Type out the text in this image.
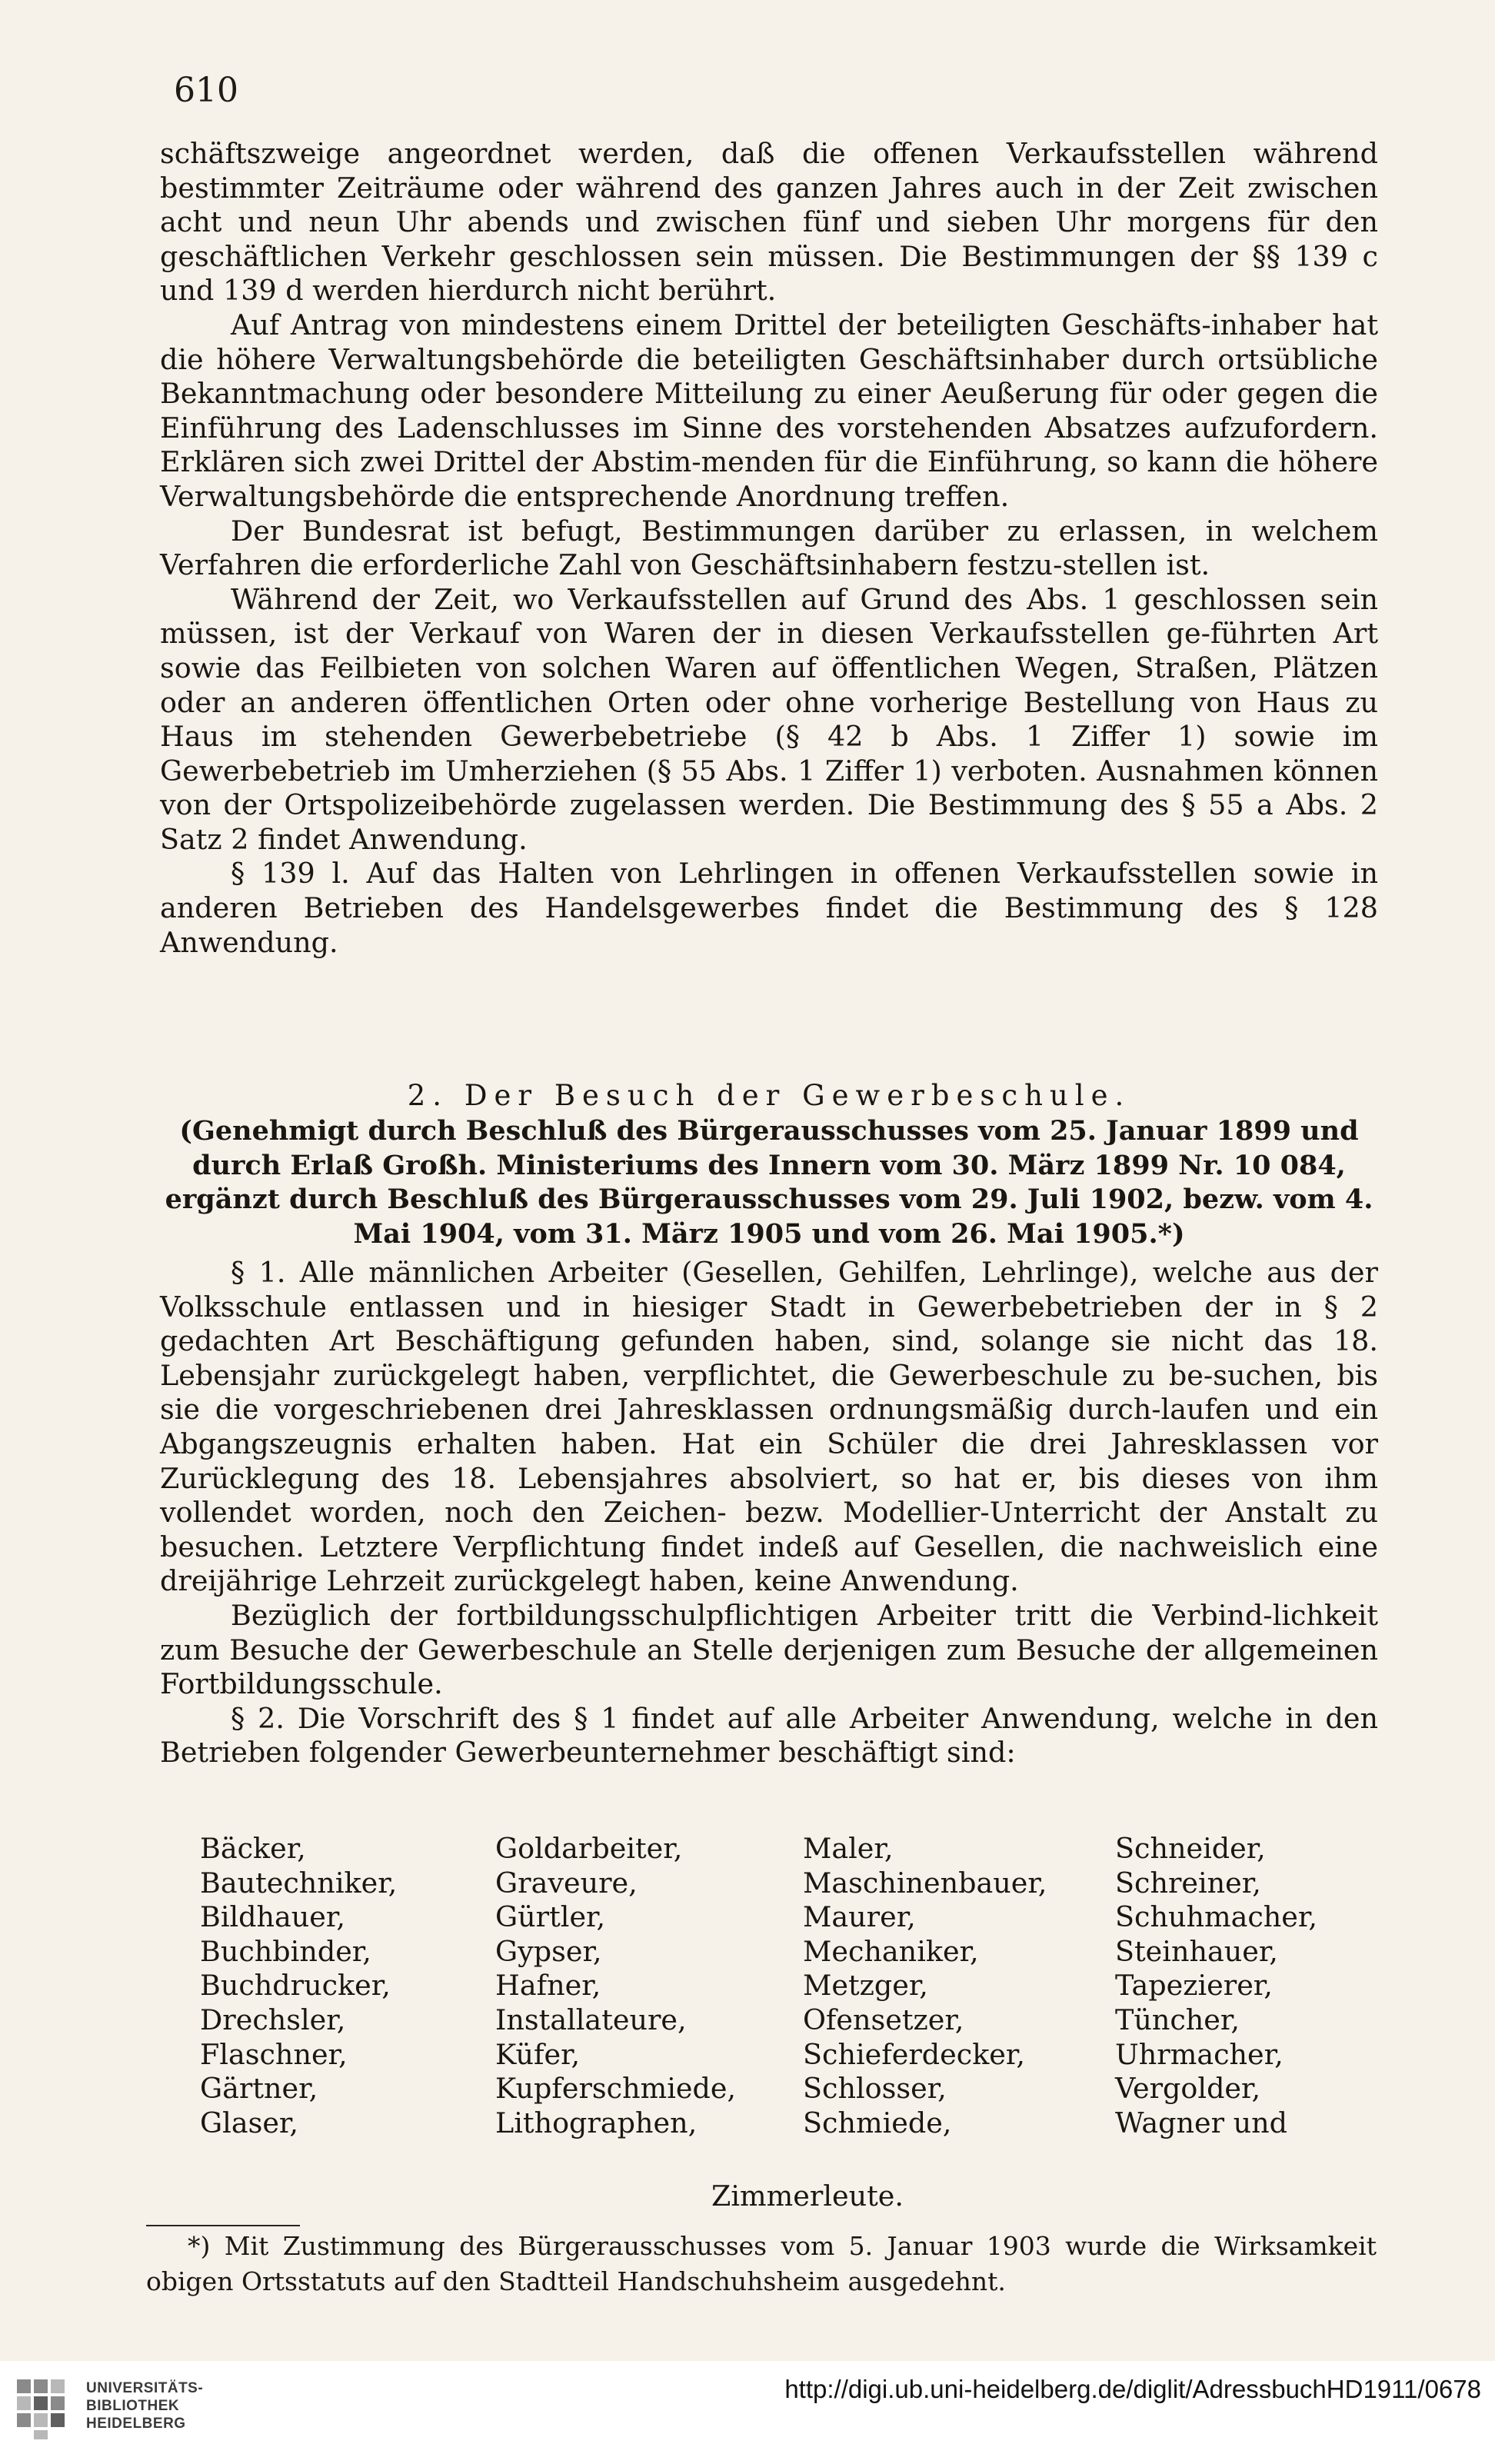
610

schäftszweige angeordnet werden, daß die offenen Verkaufsstellen während bestimmter Zeiträume oder während des ganzen Jahres auch in der Zeit zwischen acht und neun Uhr abends und zwischen fünf und sieben Uhr morgens für den geschäftlichen Verkehr geschlossen sein müssen. Die Bestimmungen der §§ 139 c und 139 d werden hierdurch nicht berührt.

Auf Antrag von mindestens einem Drittel der beteiligten Geschäfts-inhaber hat die höhere Verwaltungsbehörde die beteiligten Geschäftsinhaber durch ortsübliche Bekanntmachung oder besondere Mitteilung zu einer Aeußerung für oder gegen die Einführung des Ladenschlusses im Sinne des vorstehenden Absatzes aufzufordern. Erklären sich zwei Drittel der Abstim-menden für die Einführung, so kann die höhere Verwaltungsbehörde die entsprechende Anordnung treffen.

Der Bundesrat ist befugt, Bestimmungen darüber zu erlassen, in welchem Verfahren die erforderliche Zahl von Geschäftsinhabern festzu-stellen ist.

Während der Zeit, wo Verkaufsstellen auf Grund des Abs. 1 geschlossen sein müssen, ist der Verkauf von Waren der in diesen Verkaufsstellen ge-führten Art sowie das Feilbieten von solchen Waren auf öffentlichen Wegen, Straßen, Plätzen oder an anderen öffentlichen Orten oder ohne vorherige Bestellung von Haus zu Haus im stehenden Gewerbebetriebe (§ 42 b Abs. 1 Ziffer 1) sowie im Gewerbebetrieb im Umherziehen (§ 55 Abs. 1 Ziffer 1) verboten. Ausnahmen können von der Ortspolizeibehörde zugelassen werden. Die Bestimmung des § 55 a Abs. 2 Satz 2 findet Anwendung.

§ 139 l. Auf das Halten von Lehrlingen in offenen Verkaufsstellen sowie in anderen Betrieben des Handelsgewerbes findet die Bestimmung des § 128 Anwendung.

2. Der Besuch der Gewerbeschule.
(Genehmigt durch Beschluß des Bürgerausschusses vom 25. Januar 1899 und durch Erlaß Großh. Ministeriums des Innern vom 30. März 1899 Nr. 10 084, ergänzt durch Beschluß des Bürgerausschusses vom 29. Juli 1902, bezw. vom 4. Mai 1904, vom 31. März 1905 und vom 26. Mai 1905.*)

§ 1. Alle männlichen Arbeiter (Gesellen, Gehilfen, Lehrlinge), welche aus der Volksschule entlassen und in hiesiger Stadt in Gewerbebetrieben der in § 2 gedachten Art Beschäftigung gefunden haben, sind, solange sie nicht das 18. Lebensjahr zurückgelegt haben, verpflichtet, die Gewerbeschule zu be-suchen, bis sie die vorgeschriebenen drei Jahresklassen ordnungsmäßig durch-laufen und ein Abgangszeugnis erhalten haben. Hat ein Schüler die drei Jahresklassen vor Zurücklegung des 18. Lebensjahres absolviert, so hat er, bis dieses von ihm vollendet worden, noch den Zeichen- bezw. Modellier-Unterricht der Anstalt zu besuchen. Letztere Verpflichtung findet indeß auf Gesellen, die nachweislich eine dreijährige Lehrzeit zurückgelegt haben, keine Anwendung.

Bezüglich der fortbildungsschulpflichtigen Arbeiter tritt die Verbind-lichkeit zum Besuche der Gewerbeschule an Stelle derjenigen zum Besuche der allgemeinen Fortbildungsschule.

§ 2. Die Vorschrift des § 1 findet auf alle Arbeiter Anwendung, welche in den Betrieben folgender Gewerbeunternehmer beschäftigt sind:

Bäcker,	Goldarbeiter,	Maler,	Schneider,
Bautechniker,	Graveure,	Maschinenbauer,	Schreiner,
Bildhauer,	Gürtler,	Maurer,	Schuhmacher,
Buchbinder,	Gypser,	Mechaniker,	Steinhauer,
Buchdrucker,	Hafner,	Metzger,	Tapezierer,
Drechsler,	Installateure,	Ofensetzer,	Tüncher,
Flaschner,	Küfer,	Schieferdecker,	Uhrmacher,
Gärtner,	Kupferschmiede,	Schlosser,	Vergolder,
Glaser,	Lithographen,	Schmiede,	Wagner und
Zimmerleute.

*) Mit Zustimmung des Bürgerausschusses vom 5. Januar 1903 wurde die Wirksamkeit obigen Ortsstatuts auf den Stadtteil Handschuhsheim ausgedehnt.

UNIVERSITÄTS-
BIBLIOTHEK
HEIDELBERG
http://digi.ub.uni-heidelberg.de/diglit/AdressbuchHD1911/0678
